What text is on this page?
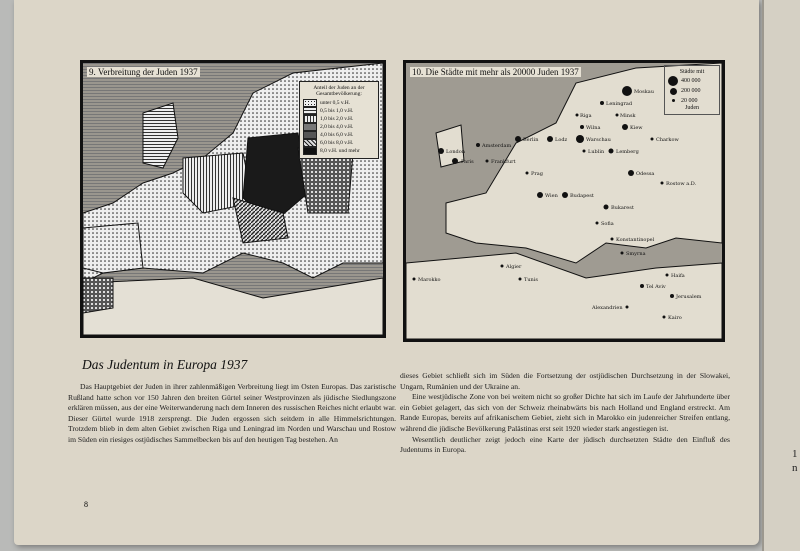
9. Verbreitung der Juden 1937
Anteil der Juden an der Gesamtbevölkerung:
unter 0,5 v.H.
0,5 bis 1,0 v.H.
1,0 bis 2,0 v.H.
2,0 bis 4,0 v.H.
4,0 bis 6,0 v.H.
6,0 bis 8,0 v.H.
8,0 v.H. und mehr
Moskau
Leningrad
Riga
Wilna
Minsk
Warschau
Lodz
Lublin
Berlin
Lemberg
Kiew
Charkow
Rostow a.D.
Odessa
Prag
Wien Budapest
Bukarest
Sofia
Konstantinopel
Smyrna
Paris
London
Amsterdam
Frankfurt
Tel Aviv
Haifa
Jerusalem
Kairo
Alexandrien
Algier
Tunis
Marokko
10. Die Städte mit mehr als 20000 Juden 1937	Städte mit
400 000
200 000
20 000
Juden
Das Judentum in Europa 1937

Das Hauptgebiet der Juden in ihrer zahlenmäßigen Verbreitung liegt im Osten Europas. Das zaristische Rußland hatte schon vor 150 Jahren den breiten Gürtel seiner Westprovinzen als jüdische Siedlungszone erklären müssen, aus der eine Weiterwanderung nach dem Inneren des russischen Reiches nicht erlaubt war. Dieser Gürtel wurde 1918 zersprengt. Die Juden ergossen sich seitdem in alle Himmelsrichtungen. Trotzdem blieb in dem alten Gebiet zwischen Riga und Leningrad im Norden und Warschau und Rostow im Süden ein riesiges ostjüdisches Sammelbecken bis auf den heutigen Tag bestehen. An

dieses Gebiet schließt sich im Süden die Fortsetzung der ostjüdischen Durchsetzung in der Slowakei, Ungarn, Rumänien und der Ukraine an.

Eine westjüdische Zone von bei weitem nicht so großer Dichte hat sich im Laufe der Jahrhunderte über ein Gebiet gelagert, das sich von der Schweiz rheinabwärts bis nach Holland und England erstreckt. Am Rande Europas, bereits auf afrikanischem Gebiet, zieht sich in Marokko ein judenreicher Streifen entlang, während die jüdische Bevölkerung Palästinas erst seit 1920 wieder stark angestiegen ist.

Wesentlich deutlicher zeigt jedoch eine Karte der jüdisch durchsetzten Städte den Einfluß des Judentums in Europa.

8
1
n
